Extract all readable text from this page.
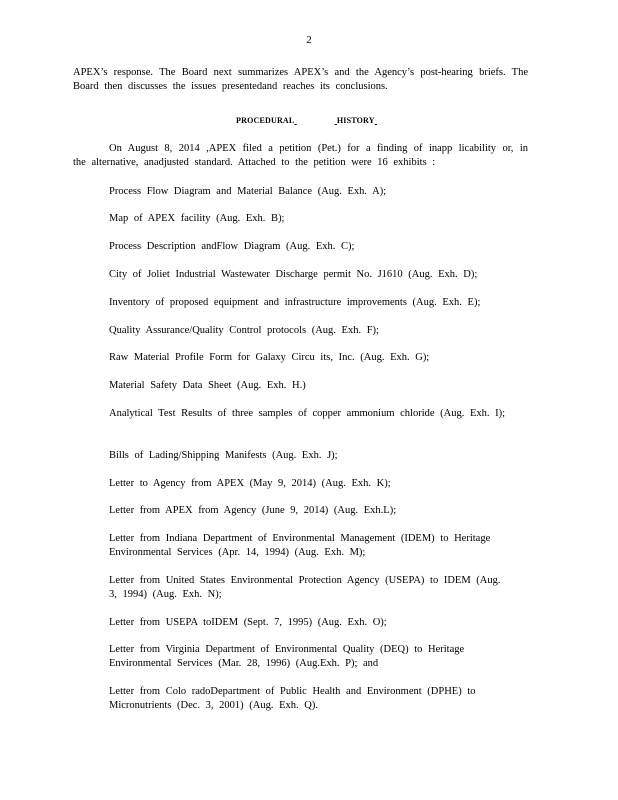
2

APEX’s response. The Board next summarizes APEX’s and the Agency’s post-hearing briefs. The Board then discusses the issues presentedand reaches its conclusions.

PROCEDURAL	HISTORY

On August 8, 2014 ,APEX filed a petition (Pet.) for a finding of inapp licability or, in the alternative, anadjusted standard. Attached to the petition were 16 exhibits :

Process Flow Diagram and Material Balance (Aug. Exh. A);
Map of APEX facility (Aug. Exh. B);
Process Description andFlow Diagram (Aug. Exh. C);
City of Joliet Industrial Wastewater Discharge permit No. J1610 (Aug. Exh. D);
Inventory of proposed equipment and infrastructure improvements (Aug. Exh. E);
Quality Assurance/Quality Control protocols (Aug. Exh. F);
Raw Material Profile Form for Galaxy Circu its, Inc. (Aug. Exh. G);
Material Safety Data Sheet (Aug. Exh. H.)
Analytical Test Results of three samples of copper ammonium chloride (Aug. Exh. I);
Bills of Lading/Shipping Manifests (Aug. Exh. J);
Letter to Agency from APEX (May 9, 2014) (Aug. Exh. K);
Letter from APEX from Agency (June 9, 2014) (Aug. Exh.L);
Letter from Indiana Department of Environmental Management (IDEM) to Heritage Environmental Services (Apr. 14, 1994) (Aug. Exh. M);
Letter from United States Environmental Protection Agency (USEPA) to IDEM (Aug. 3, 1994) (Aug. Exh. N);
Letter from USEPA toIDEM (Sept. 7, 1995) (Aug. Exh. O);
Letter from Virginia Department of Environmental Quality (DEQ) to Heritage Environmental Services (Mar. 28, 1996) (Aug.Exh. P); and
Letter from Colo radoDepartment of Public Health and Environment (DPHE) to Micronutrients (Dec. 3, 2001) (Aug. Exh. Q).
